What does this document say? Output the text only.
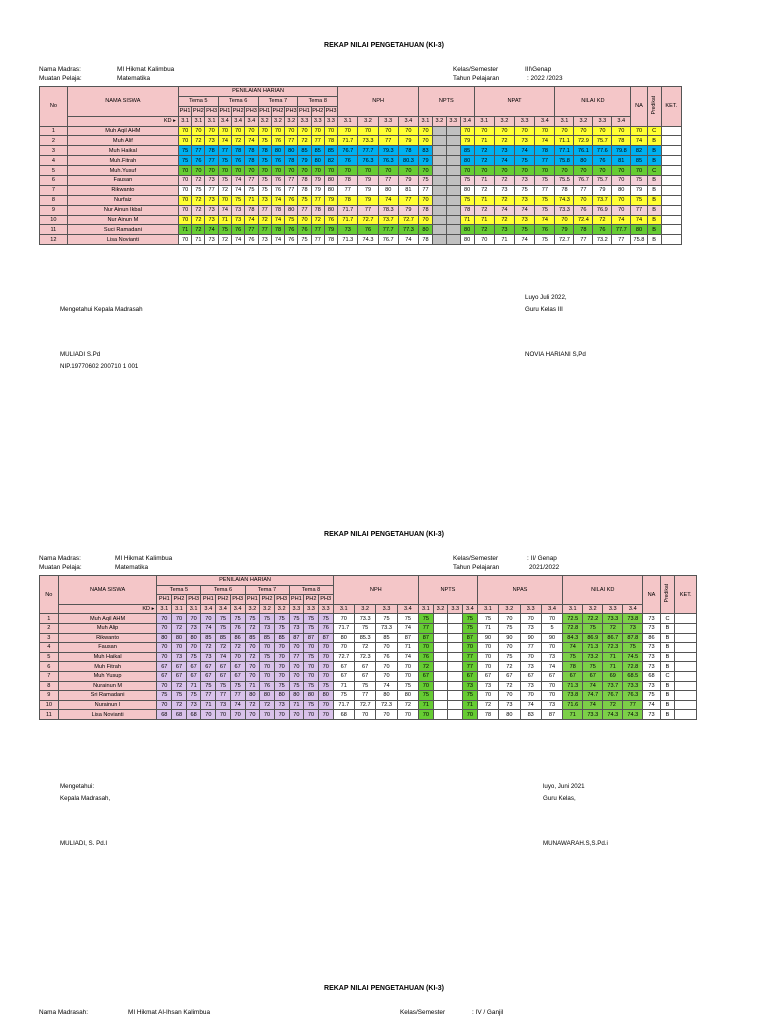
REKAP NILAI PENGETAHUAN (KI-3)
Nama Madras:	MI Hikmat Kalimbua
Muatan Pelaja:	Matematika
Kelas/Semester	III\Genap
Tahun Pelajaran	: 2022 /2023
No	NAMA SISWA	PENILAIAN HARIAN												NPH				NPTS				NPAT				NILAI KD				NA	Predikat	KET.
		Tema 5			Tema 6			Tema 7			Tema 8																					
		PH1	PH2	PH3	PH1	PH2	PH3	PH1	PH2	PH3	PH1	PH2	PH3																			
	KD ▸	3.1	3.1	3.1	3.4	3.4	3.4	3.2	3.2	3.2	3.3	3.3	3.3	3.1	3.2	3.3	3.4	3.1	3.2	3.3	3.4	3.1	3.2	3.3	3.4	3.1	3.2	3.3	3.4			
1	Muh Aqil AHM	70	70	70	70	70	70	70	70	70	70	70	70	70	70	70	70	70			70	70	70	70	70	70	70	70	70	70	C	
2	Muh Alif	70	72	73	74	72	74	75	76	77	72	77	78	71.7	73.3	77	79	70			79	71	72	73	74	71.1	72.9	75.7	78	74	B	
3	Muh Haikal	75	77	78	77	78	78	78	80	80	85	85	85	76.7	77.7	79.3	78	83			85	72	73	74	78	77.1	76.1	77.6	79.8	82	B	
4	Muh.Fitrah	75	76	77	75	76	78	75	76	78	79	80	82	76	76.3	76.3	80.3	79			80	72	74	75	77	75.8	80	76	81	85	B	
5	Muh.Yusuf	70	70	70	70	70	70	70	70	70	70	70	70	70	70	70	70	70			70	70	70	70	70	70	70	70	70	70	C	
6	Fausan	70	72	73	75	74	77	75	76	77	78	79	80	78	79	77	79	75			75	71	72	73	75	75.5	76.7	75.7	70	75	B	
7	Rikwanto	70	75	77	72	74	75	75	76	77	78	79	80	77	79	80	81	77			80	72	73	75	77	78	77	79	80	79	B	
8	Nurfaiz	70	72	73	70	75	71	73	74	76	75	77	79	78	79	74	77	70			75	71	72	73	75	74.3	70	73.7	70	75	B	
9	Nur Ainun Ikbal	70	72	73	74	73	78	77	78	80	77	78	80	71.7	77	78.3	79	78			78	72	74	74	75	73.3	76	76.9	70	77	B	
10	Nur Ainun M	70	72	73	71	73	74	72	74	75	70	72	76	71.7	72.7	73.7	72.7	70			71	71	72	73	74	70	72.4	72	74	74	B	
11	Suci Ramadani	71	72	74	75	76	77	77	78	76	76	77	79	73	76	77.7	77.3	80			80	72	73	75	76	79	78	76	77.7	80	B	
12	Lisa Novianti	70	71	73	72	74	76	73	74	76	75	77	78	71.3	74.3	76.7	74	78			80	70	71	74	75	72.7	77	73.2	77	75.8	B	
Luyo Juli 2022,
Guru Kelas III
Mengetahui Kepala Madrasah
MULIADI S.Pd
NIP.19770602 200710 1 001
NOVIA HARIANI S,Pd
REKAP NILAI PENGETAHUAN (KI-3)
Nama Madras:	MI Hikmat Kalimbua
Muatan Pelaja:	Matematika
Kelas/Semester	: II/ Genap
Tahun Pelajaran	2021/2022
No	NAMA SISWA	PENILAIAN HARIAN												NPH				NPTS				NPAS				NILAI KD				NA	Predikat	KET.
		Tema 5			Tema 6			Tema 7			Tema 8																					
		PH1	PH2	PH3	PH1	PH2	PH3	PH1	PH2	PH3	PH1	PH2	PH3																			
	KD ▸	3.1	3.1	3.1	3.4	3.4	3.4	3.2	3.2	3.2	3.3	3.3	3.3	3.1	3.2	3.3	3.4	3.1	3.2	3.3	3.4	3.1	3.2	3.3	3.4	3.1	3.2	3.3	3.4			
1	Muh Aqil AHM	70	70	70	70	75	75	75	75	75	75	75	75	70	73.3	75	75	75			75	75	70	70	70	72.5	72.2	73.3	73.8	73	C	
2	Muh Alip	70	72	73	74	75	76	72	73	75	73	75	76	71.7	75	73.3	74	77			75	71	75	73	5	72.8	75	72	73	73	B	
3	Rikwanto	80	80	80	85	85	86	85	85	85	87	87	87	80	85.3	85	87	87			87	90	90	90	90	84.3	86.9	86.7	87.8	86	B	
4	Fausan	70	70	70	72	72	72	70	70	70	70	70	70	70	72	70	71	70			70	70	70	77	70	74	71.3	72.3	75	73	B	
5	Muh Haikal	70	73	75	73	74	70	72	75	70	77	75	70	72.7	72.3	76	74	76			77	70	75	70	73	75	73.2	71	74.5	73	B	
6	Muh Fitrah	67	67	67	67	67	67	70	70	70	70	70	70	67	67	70	70	72			77	70	72	73	74	78	75	71	72.8	73	B	
7	Muh Yusup	67	67	67	67	67	67	70	70	70	70	70	70	67	67	70	70	67			67	67	67	67	67	67	67	69	68.5	68	C	
8	Nurainun M	70	72	71	75	75	75	71	76	75	75	75	75	71	75	74	75	70			73	73	72	73	70	71.3	74	73.7	73.3	73	B	
9	Sri Ramadani	75	75	75	77	77	77	80	80	80	80	80	80	75	77	80	80	75			75	70	70	70	70	73.8	74.7	76.7	76.3	75	B	
10	Nurainun I	70	72	73	71	73	74	72	72	73	71	75	70	71.7	72.7	72.3	72	71			71	72	73	74	73	71.6	74	72	77	74	B	
11	Lisa Novianti	68	68	68	70	70	70	70	70	70	70	70	70	68	70	70	70	70			70	78	80	83	87	71	73.3	74.3	74.3	73	B	
Mengetahui:
Kepala Madrasah,
luyo, Juni 2021
Guru Kelas,
MULIADI, S. Pd.I	MUNAWARAH.S,S.Pd.i
REKAP NILAI PENGETAHUAN (KI-3)
Nama Madrasah:	MI Hikmat Al-Ihsan Kalimbua	Kelas/Semester	: IV / Ganjil
